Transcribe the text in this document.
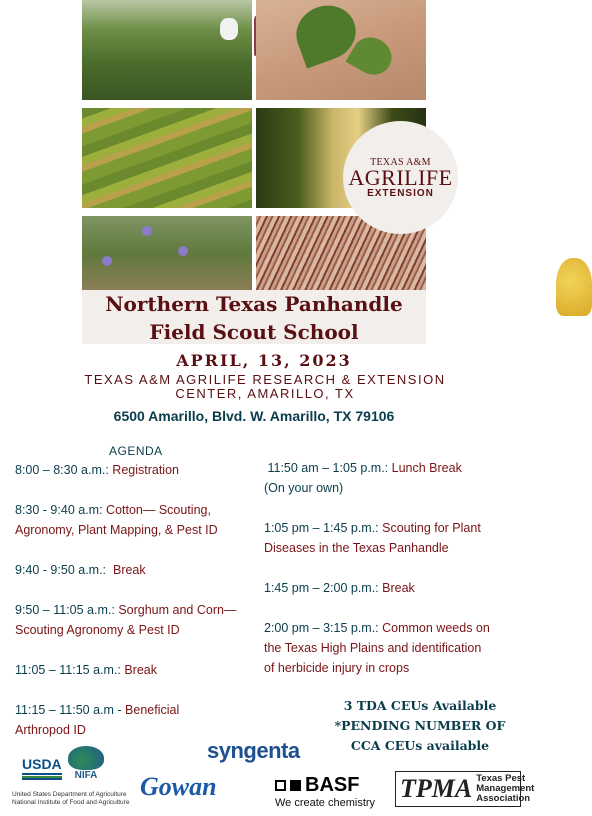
TEXAS A&M
AGRILIFE
EXTENSION
Northern Texas Panhandle
Field Scout School
APRIL, 13, 2023
TEXAS A&M AGRILIFE RESEARCH & EXTENSION
CENTER, AMARILLO, TX
6500 Amarillo, Blvd. W. Amarillo, TX 79106
AGENDA
8:00 – 8:30 a.m.: Registration
8:30 - 9:40 a.m: Cotton— Scouting,
Agronomy, Plant Mapping, & Pest ID
9:40 - 9:50 a.m.:  Break
9:50 – 11:05 a.m.: Sorghum and Corn—
Scouting Agronomy & Pest ID
11:05 – 11:15 a.m.: Break
11:15 – 11:50 a.m - Beneficial
Arthropod ID
11:50 am – 1:05 p.m.: Lunch Break
(On your own)
1:05 pm – 1:45 p.m.: Scouting for Plant
Diseases in the Texas Panhandle
1:45 pm – 2:00 p.m.: Break
2:00 pm – 3:15 p.m.: Common weeds on
the Texas High Plains and identification
of herbicide injury in crops
3 TDA CEUs Available
*PENDING NUMBER OF
CCA CEUs available
USDA
NIFA
United States Department of Agriculture
National Institute of Food and Agriculture
syngenta
Gowan	BASF
We create chemistry TPMA Texas Pest
Management
Association
